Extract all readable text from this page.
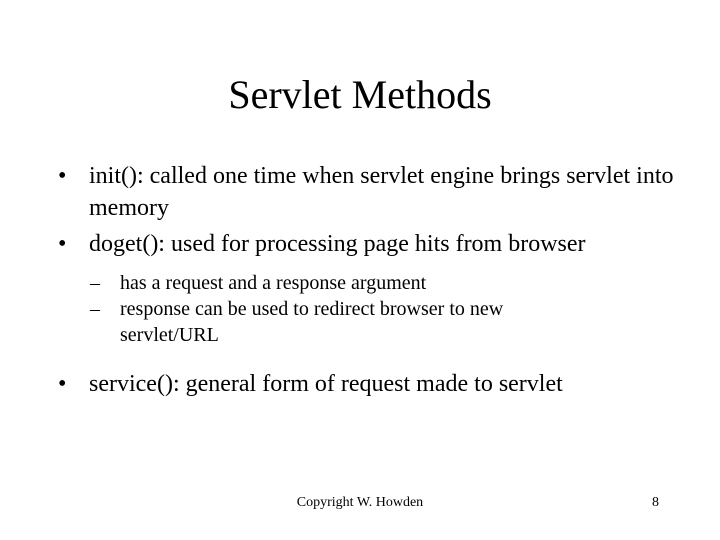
Servlet Methods
• init(): called one time when servlet engine brings servlet into memory
• doget(): used for processing page hits from browser
– has a request and a response argument
– response can be used to redirect browser to new servlet/URL
• service(): general form of request made to servlet
Copyright W. Howden	8
